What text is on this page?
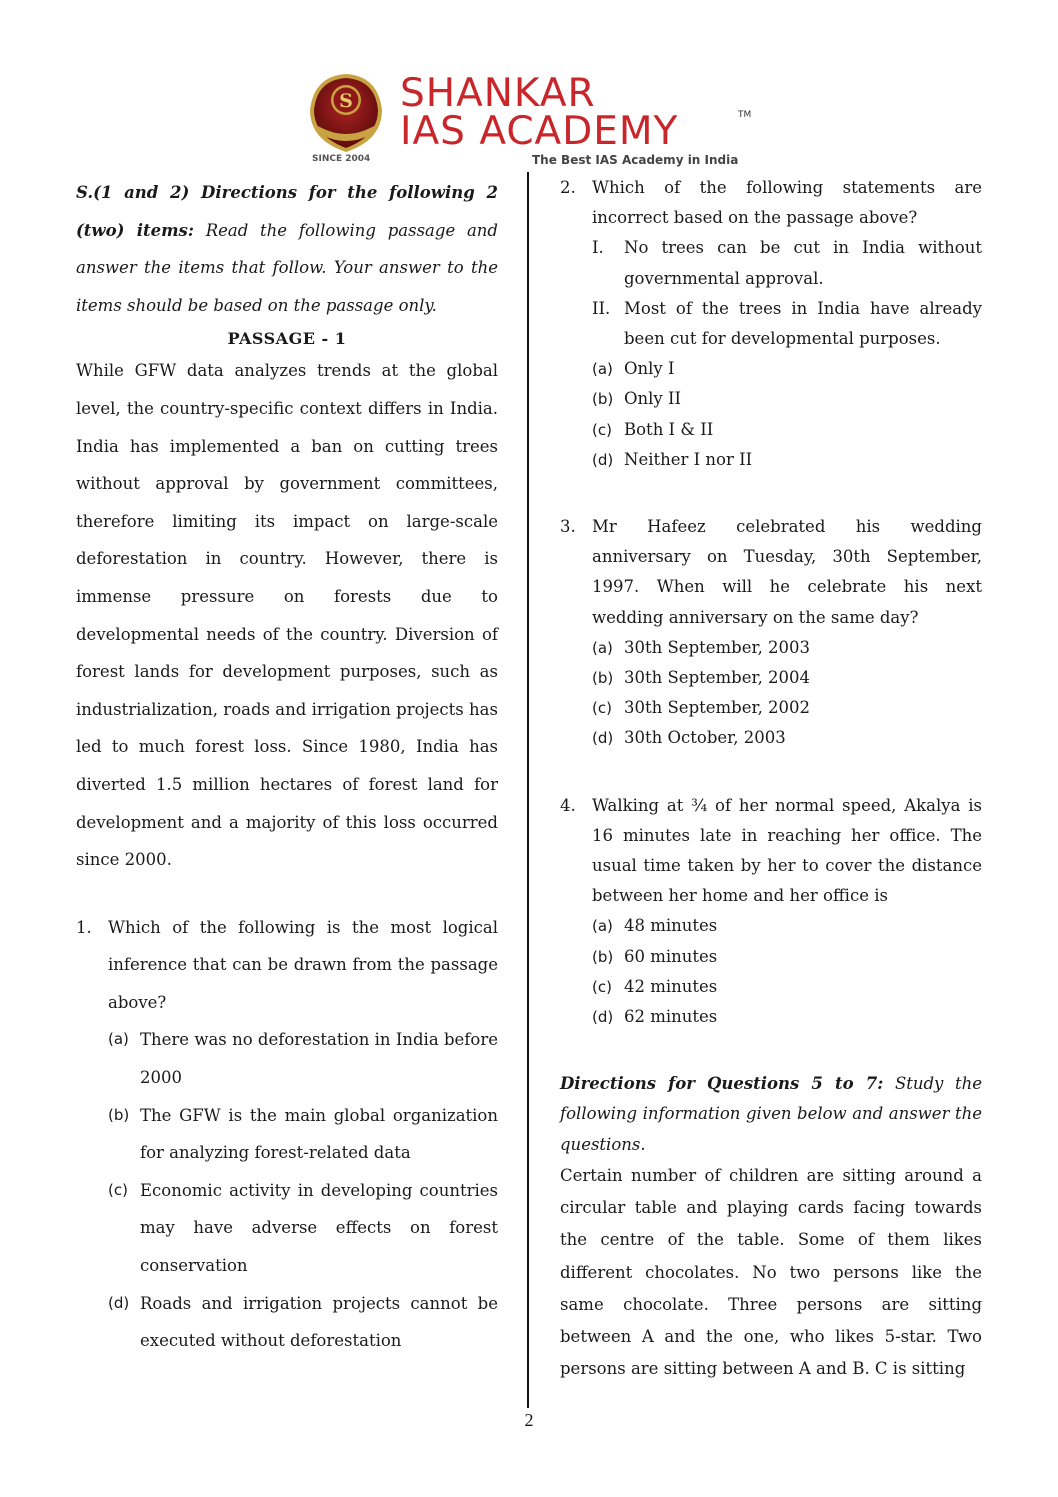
S SHANKAR
IAS ACADEMY	TM
SINCE 2004	The Best IAS Academy in India

S.(1 and 2) Directions for the following 2 (two) items: Read the following passage and answer the items that follow. Your answer to the items should be based on the passage only.

PASSAGE - 1

While GFW data analyzes trends at the global level, the country-specific context differs in India. India has implemented a ban on cutting trees without approval by government committees, therefore limiting its impact on large-scale deforestation in country. However, there is immense pressure on forests due to developmental needs of the country. Diversion of forest lands for development purposes, such as industrialization, roads and irrigation projects has led to much forest loss. Since 1980, India has diverted 1.5 million hectares of forest land for development and a majority of this loss occurred since 2000.

1. Which of the following is the most logical inference that can be drawn from the passage above?
(a) There was no deforestation in India before 2000
(b) The GFW is the main global organization for analyzing forest-related data
(c) Economic activity in developing countries may have adverse effects on forest conservation
(d) Roads and irrigation projects cannot be executed without deforestation
2. Which of the following statements are incorrect based on the passage above?
I.	No trees can be cut in India without governmental approval.
II. Most of the trees in India have already been cut for developmental purposes.
(a) Only I
(b) Only II
(c) Both I & II
(d) Neither I nor II
3. Mr Hafeez celebrated his wedding anniversary on Tuesday, 30th September, 1997. When will he celebrate his next wedding anniversary on the same day?
(a) 30th September, 2003
(b) 30th September, 2004
(c) 30th September, 2002
(d) 30th October, 2003
4. Walking at ¾ of her normal speed, Akalya is 16 minutes late in reaching her office. The usual time taken by her to cover the distance between her home and her office is
(a) 48 minutes
(b) 60 minutes
(c) 42 minutes
(d) 62 minutes

Directions for Questions 5 to 7: Study the following information given below and answer the questions.

Certain number of children are sitting around a circular table and playing cards facing towards the centre of the table. Some of them likes different chocolates. No two persons like the same chocolate. Three persons are sitting between A and the one, who likes 5-star. Two persons are sitting between A and B. C is sitting

2
